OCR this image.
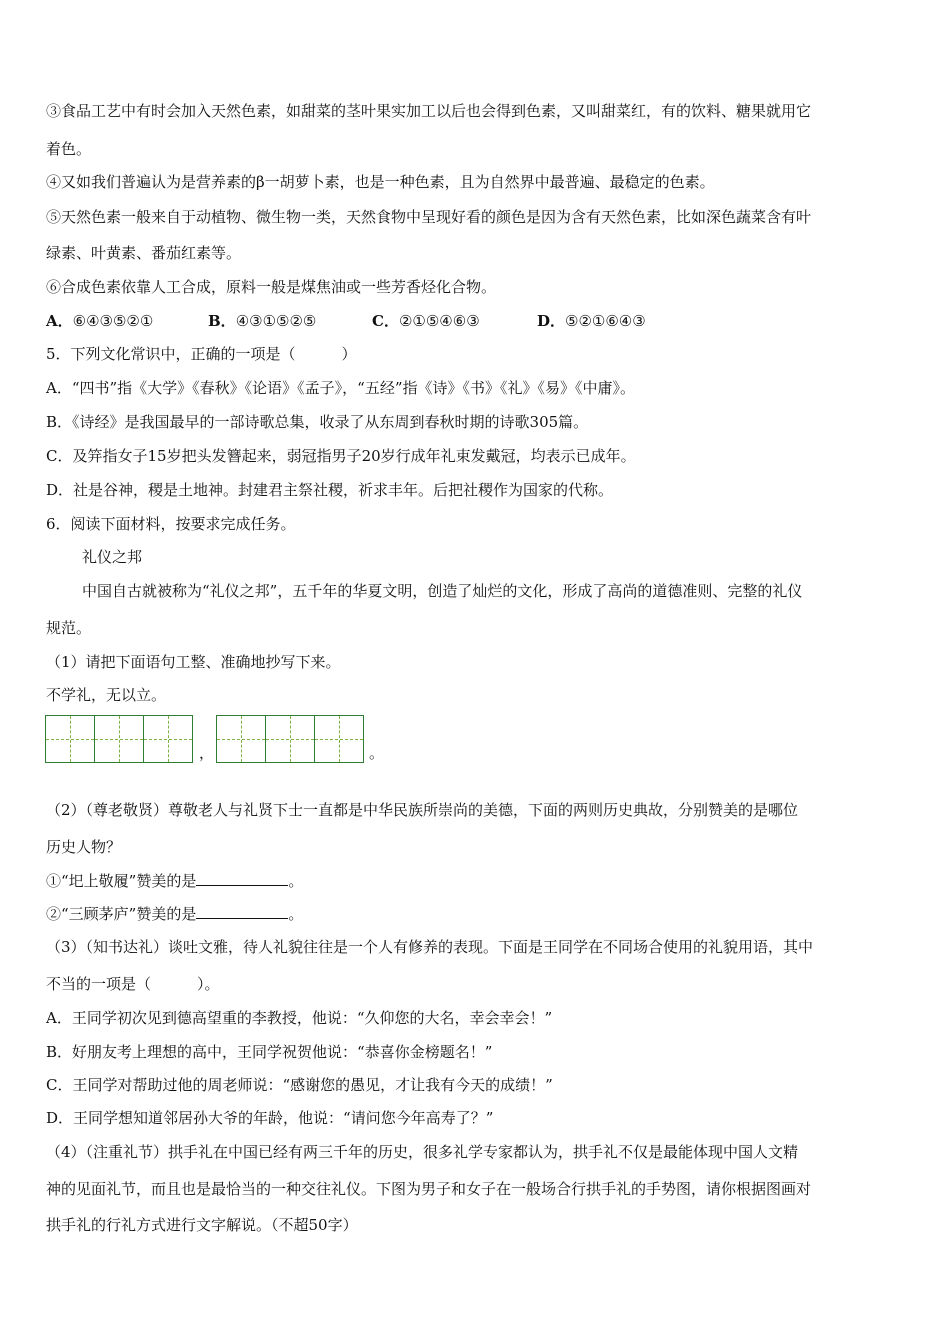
③食品工艺中有时会加入天然色素，如甜菜的茎叶果实加工以后也会得到色素，又叫甜菜红，有的饮料、糖果就用它
着色。
④又如我们普遍认为是营养素的β一胡萝卜素，也是一种色素，且为自然界中最普遍、最稳定的色素。
⑤天然色素一般来自于动植物、微生物一类，天然食物中呈现好看的颜色是因为含有天然色素，比如深色蔬菜含有叶
绿素、叶黄素、番茄红素等。
⑥合成色素依靠人工合成，原料一般是煤焦油或一些芳香烃化合物。
A．⑥④③⑤②①	B．④③①⑤②⑤	C．②①⑤④⑥③	D．⑤②①⑥④③
5．下列文化常识中，正确的一项是（	）
A．“四书”指《大学》《春秋》《论语》《孟子》，“五经”指《诗》《书》《礼》《易》《中庸》。
B．《诗经》是我国最早的一部诗歌总集，收录了从东周到春秋时期的诗歌305篇。
C．及笄指女子15岁把头发簪起来，弱冠指男子20岁行成年礼束发戴冠，均表示已成年。
D．社是谷神，稷是土地神。封建君主祭社稷，祈求丰年。后把社稷作为国家的代称。
6．阅读下面材料，按要求完成任务。
礼仪之邦
中国自古就被称为“礼仪之邦”，五千年的华夏文明，创造了灿烂的文化，形成了高尚的道德准则、完整的礼仪
规范。
（1）请把下面语句工整、准确地抄写下来。
不学礼，无以立。
，	。
（2）（尊老敬贤）尊敬老人与礼贤下士一直都是中华民族所崇尚的美德，下面的两则历史典故，分别赞美的是哪位
历史人物？
①“圯上敬履”赞美的是	。
②“三顾茅庐”赞美的是	。
（3）（知书达礼）谈吐文雅，待人礼貌往往是一个人有修养的表现。下面是王同学在不同场合使用的礼貌用语，其中
不当的一项是（	）。
A．王同学初次见到德高望重的李教授，他说：“久仰您的大名，幸会幸会！”
B．好朋友考上理想的高中，王同学祝贺他说：“恭喜你金榜题名！”
C．王同学对帮助过他的周老师说：“感谢您的愚见，才让我有今天的成绩！”
D．王同学想知道邻居孙大爷的年龄，他说：“请问您今年高寿了？”
（4）（注重礼节）拱手礼在中国已经有两三千年的历史，很多礼学专家都认为，拱手礼不仅是最能体现中国人文精
神的见面礼节，而且也是最恰当的一种交往礼仪。下图为男子和女子在一般场合行拱手礼的手势图，请你根据图画对
拱手礼的行礼方式进行文字解说。（不超50字）
